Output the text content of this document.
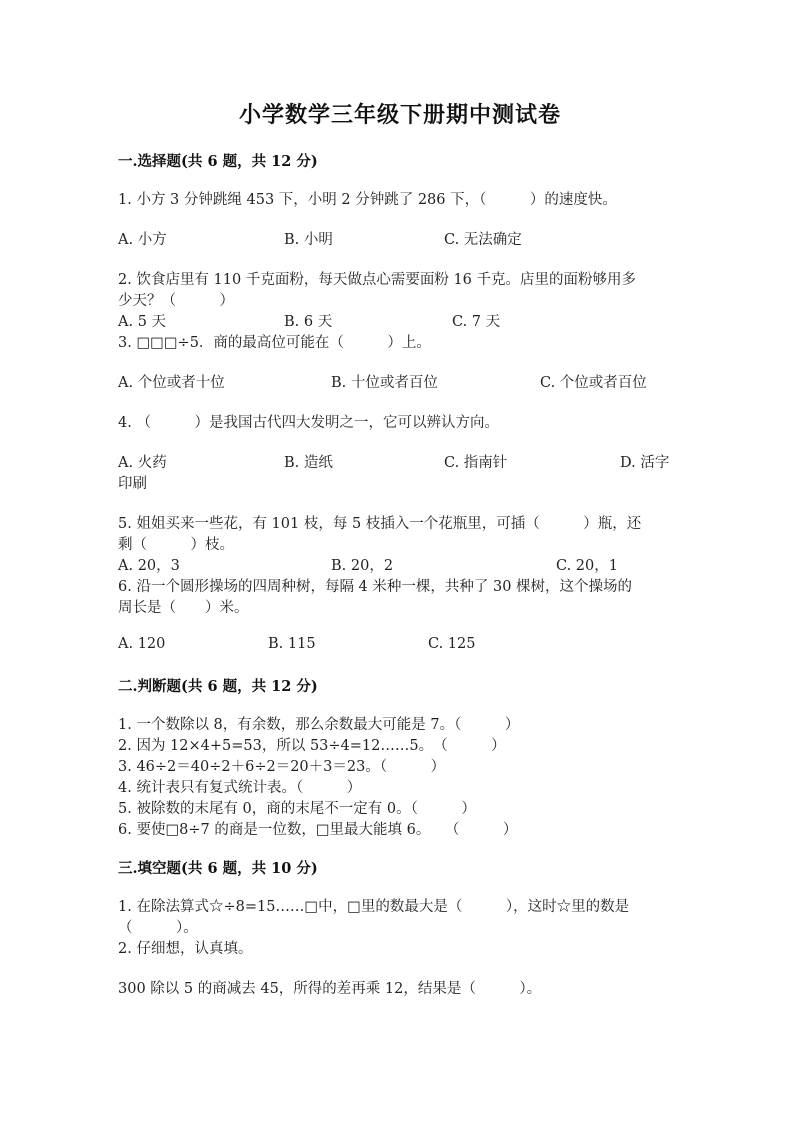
小学数学三年级下册期中测试卷
一.选择题(共 6 题，共 12 分)
1. 小方 3 分钟跳绳 453 下，小明 2 分钟跳了 286 下，（　　　）的速度快。
A. 小方	B. 小明	C. 无法确定
2. 饮食店里有 110 千克面粉，每天做点心需要面粉 16 千克。店里的面粉够用多
少天？（　　　）
A. 5 天	B. 6 天	C. 7 天
3. □□□÷5．商的最高位可能在（　　　）上。
A. 个位或者十位	B. 十位或者百位	C. 个位或者百位
4. （　　　）是我国古代四大发明之一，它可以辨认方向。
A. 火药	B. 造纸	C. 指南针	D. 活字
印刷
5. 姐姐买来一些花，有 101 枝，每 5 枝插入一个花瓶里，可插（　　　）瓶，还
剩（　　　）枝。
A. 20，3	B. 20，2	C. 20，1
6. 沿一个圆形操场的四周种树，每隔 4 米种一棵，共种了 30 棵树，这个操场的
周长是（　　）米。
A. 120	B. 115	C. 125
二.判断题(共 6 题，共 12 分)
1. 一个数除以 8，有余数，那么余数最大可能是 7。（　　　）
2. 因为 12×4+5=53，所以 53÷4=12……5。　（　　　）
3. 46÷2＝40÷2＋6÷2＝20＋3＝23。（　　　）
4. 统计表只有复式统计表。（　　　）
5. 被除数的末尾有 0，商的末尾不一定有 0。（　　　）
6. 要使□8÷7 的商是一位数，□里最大能填 6。　　（　　　）
三.填空题(共 6 题，共 10 分)
1. 在除法算式☆÷8=15……□中，□里的数最大是（　　　），这时☆里的数是
（　　　）。
2. 仔细想，认真填。
300 除以 5 的商减去 45，所得的差再乘 12，结果是（　　　）。
